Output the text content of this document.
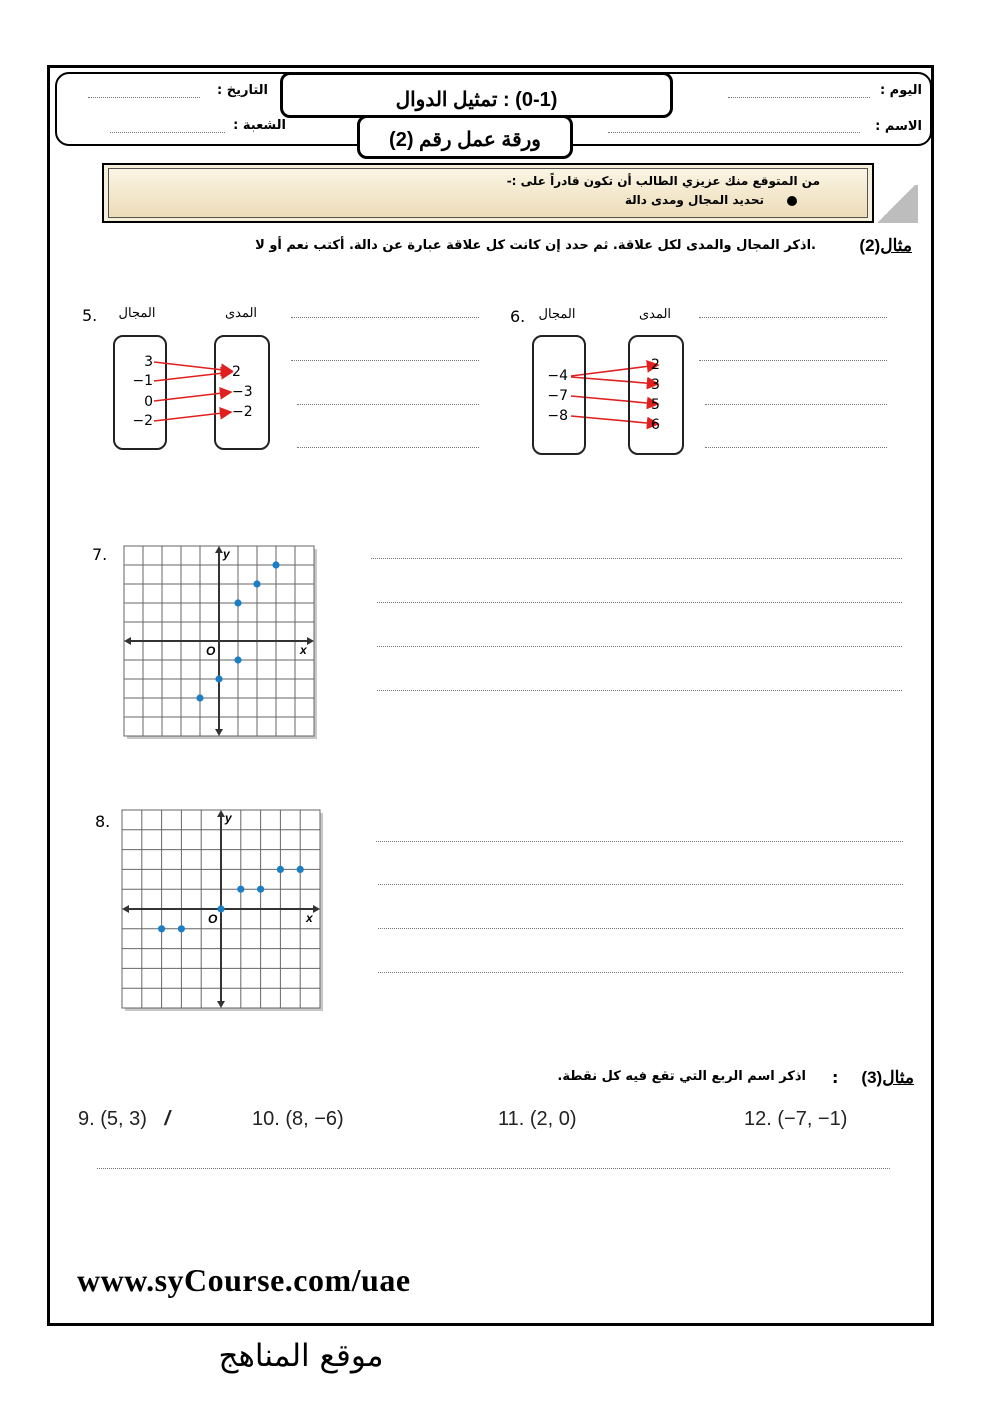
اليوم :
الاسم :
التاريخ :
الشعبة :
(0-1) : تمثيل الدوال
ورقة عمل رقم (2)
من المتوقع منك عزيزي الطالب أن تكون قادراً على :-
تحديد المجال ومدى دالة
مثال(2)
.اذكر المجال والمدى لكل علاقة. ثم حدد إن كانت كل علاقة عبارة عن دالة. أكتب نعم أو لا
5.	المجال	المدى
3
−1
0
−2
2
−3
−2
6.	المجال	المدى
−4
−7
−8
2
3
5
6
7.
x
y
O
8.
x
y
O
مثال(3)
:
اذكر اسم الربع التي تقع فيه كل نقطة.
9. (5, 3) /	10. (8, −6)	11. (2, 0)	12. (−7, −1)
www.syCourse.com/uae
موقع المناهج
